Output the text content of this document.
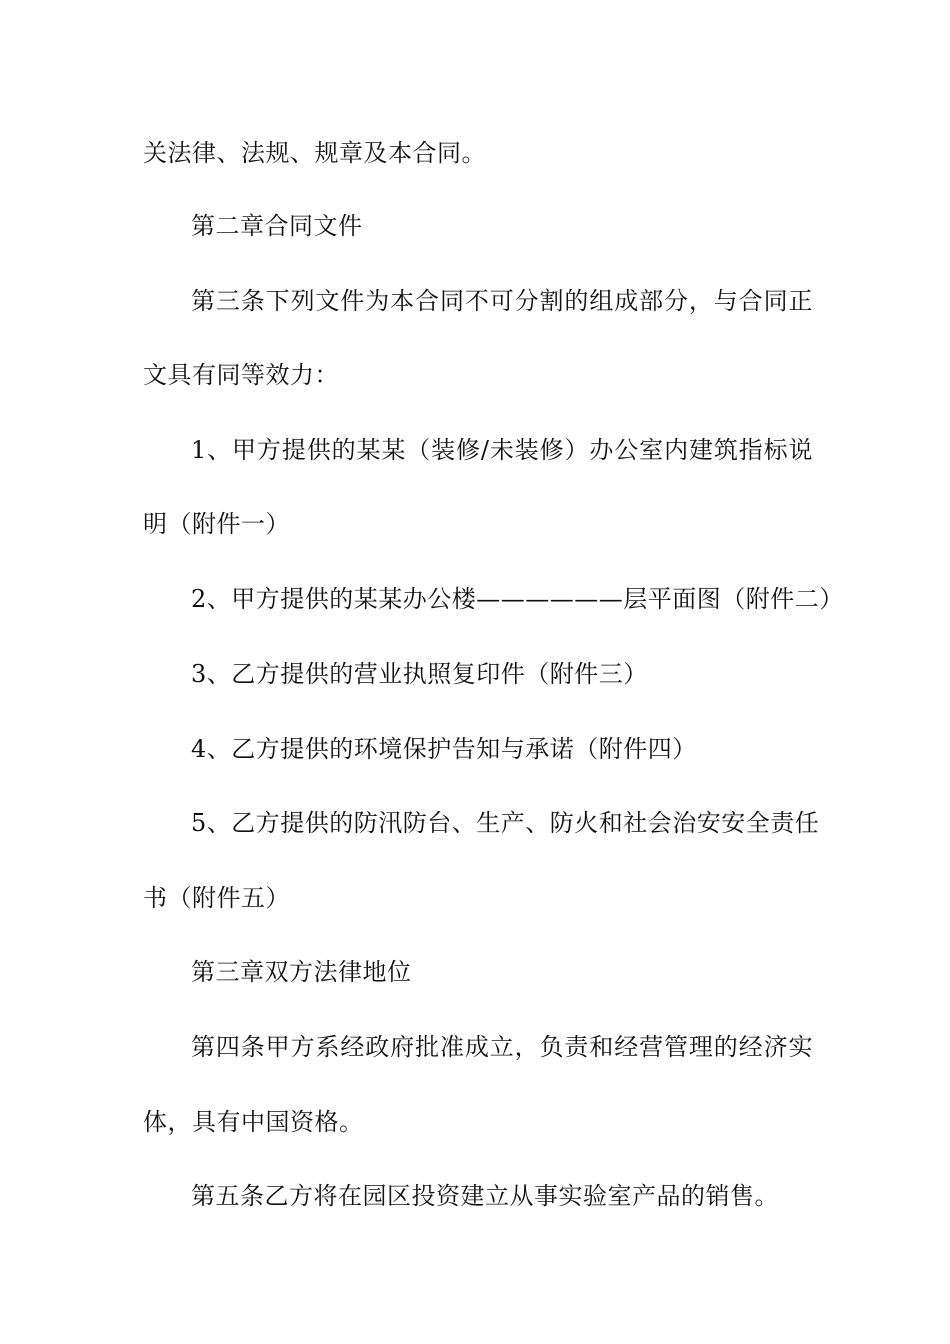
关法律、法规、规章及本合同。
第二章合同文件
第三条下列文件为本合同不可分割的组成部分，与合同正
文具有同等效力：
1、甲方提供的某某（装修/未装修）办公室内建筑指标说
明（附件一）
2、甲方提供的某某办公楼——————层平面图（附件二）
3、乙方提供的营业执照复印件（附件三）
4、乙方提供的环境保护告知与承诺（附件四）
5、乙方提供的防汛防台、生产、防火和社会治安安全责任
书（附件五）
第三章双方法律地位
第四条甲方系经政府批准成立，负责和经营管理的经济实
体，具有中国资格。
第五条乙方将在园区投资建立从事实验室产品的销售。
